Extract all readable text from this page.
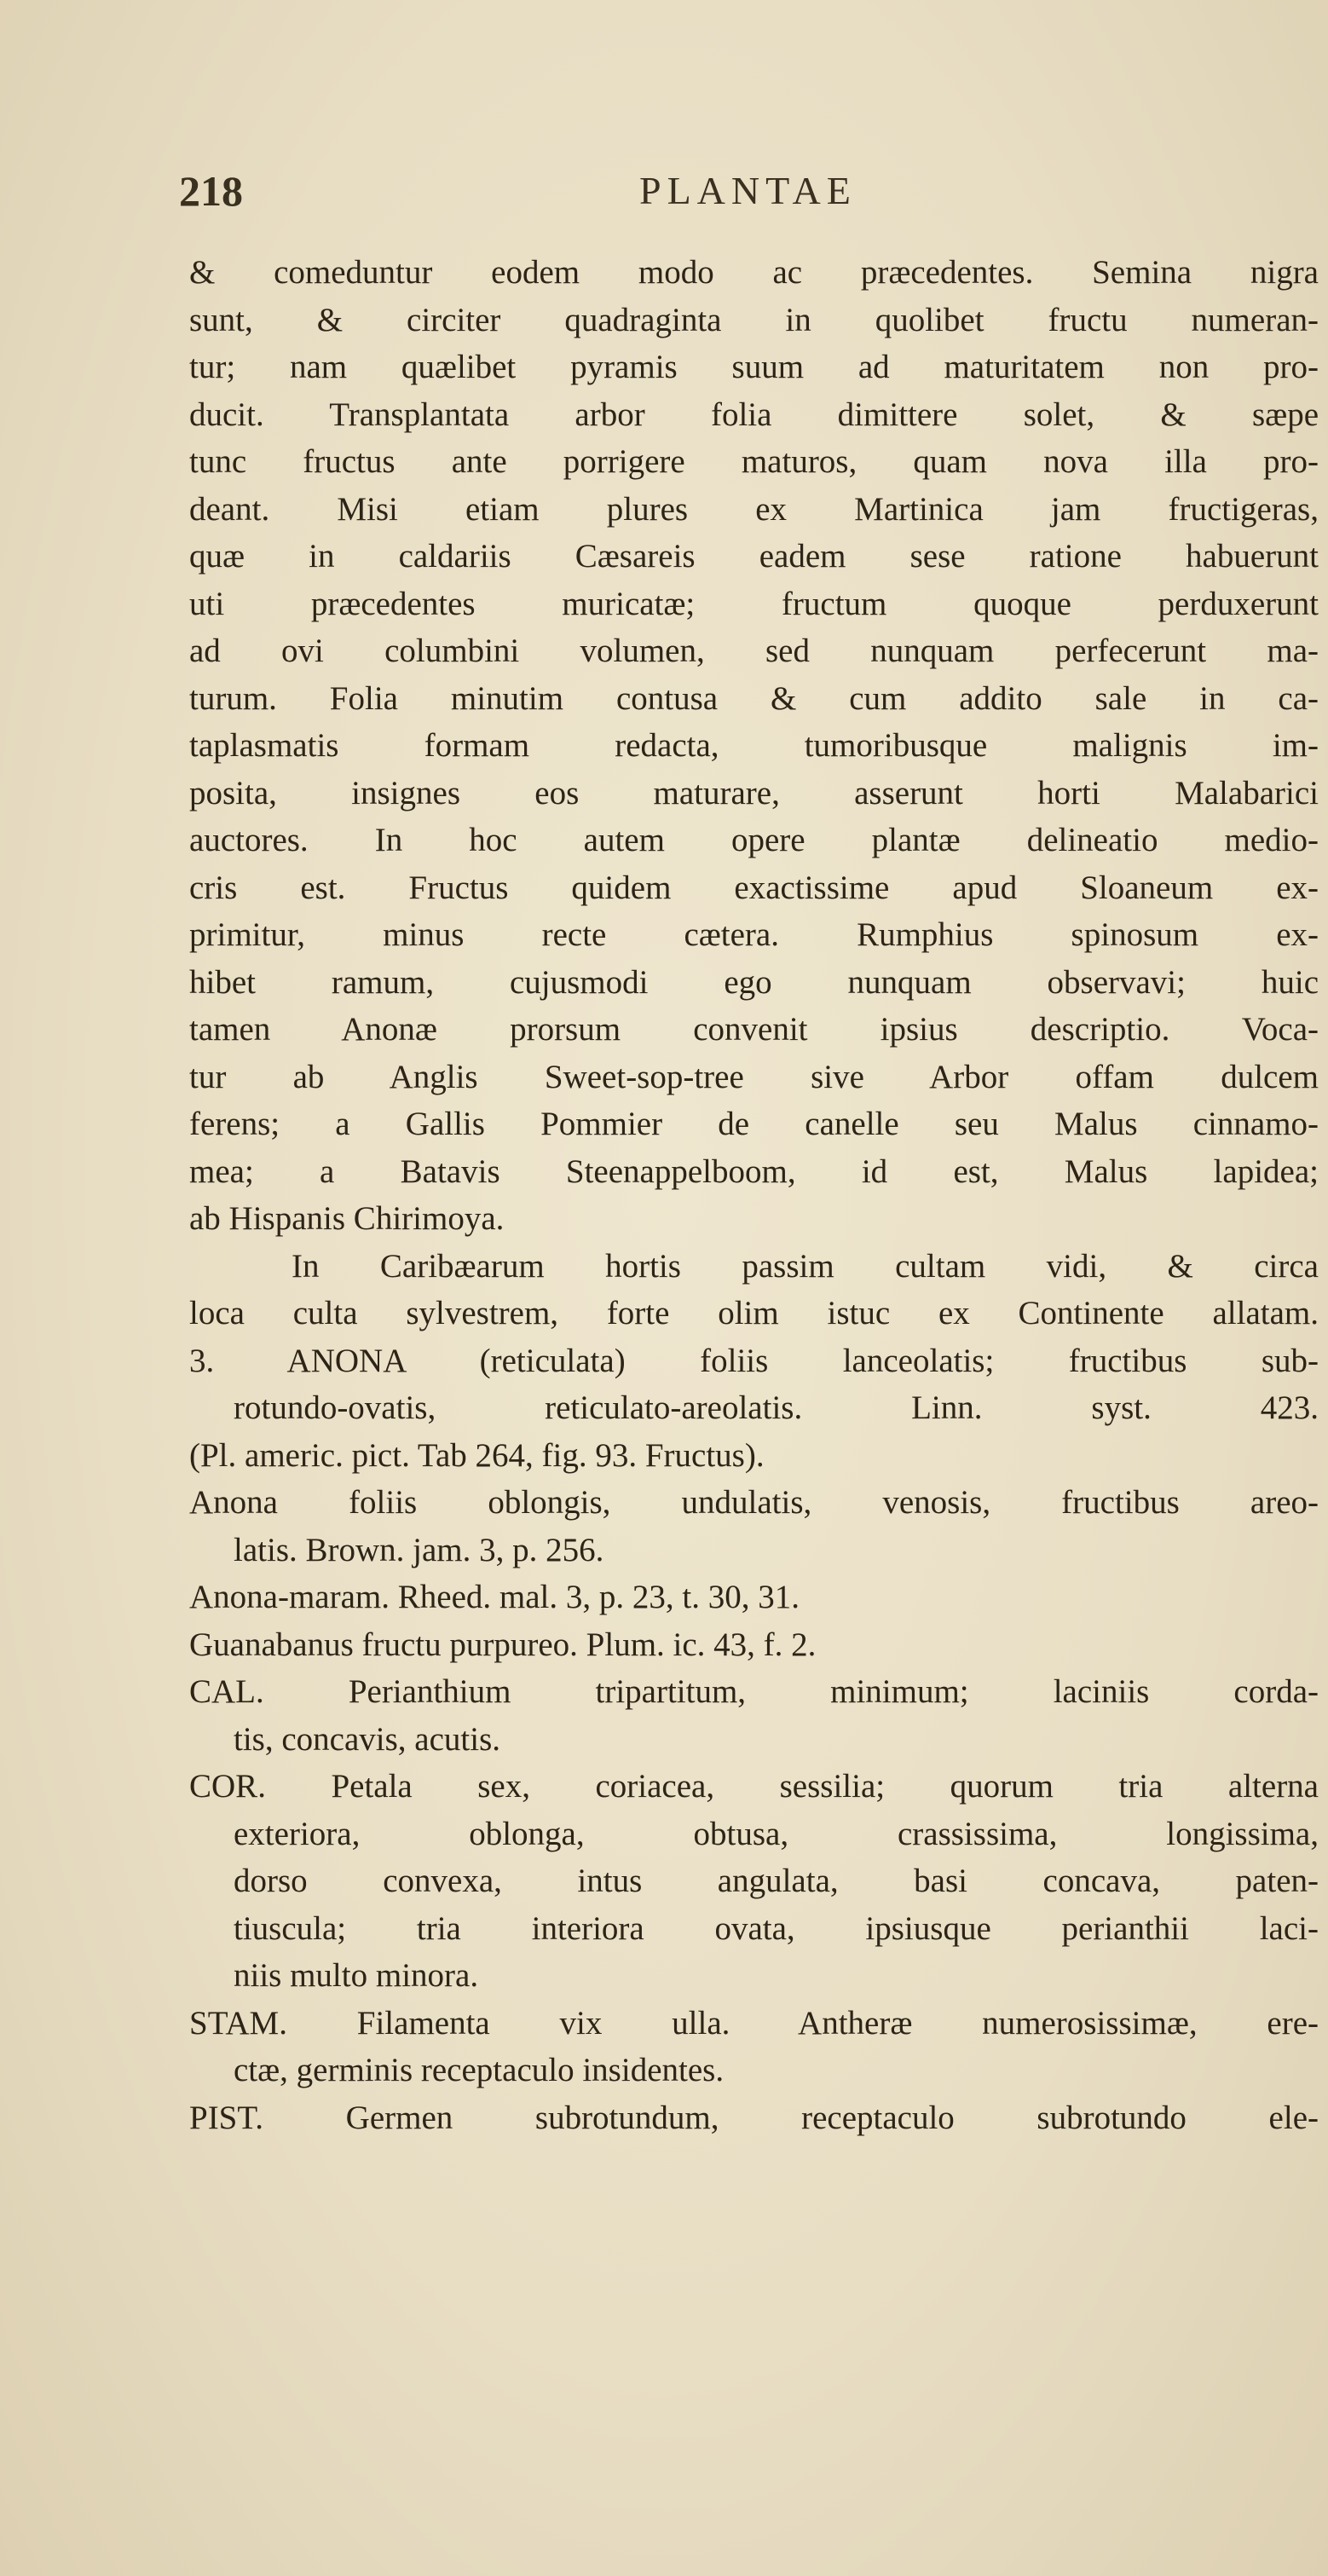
218	PLANTAE
& comeduntur eodem modo ac præcedentes. Semina nigra
sunt, & circiter quadraginta in quolibet fructu numeran-
tur; nam quælibet pyramis suum ad maturitatem non pro-
ducit. Transplantata arbor folia dimittere solet, & sæpe
tunc fructus ante porrigere maturos, quam nova illa pro-
deant. Misi etiam plures ex Martinica jam fructigeras,
quæ in caldariis Cæsareis eadem sese ratione habuerunt
uti præcedentes muricatæ; fructum quoque perduxerunt
ad ovi columbini volumen, sed nunquam perfecerunt ma-
turum. Folia minutim contusa & cum addito sale in ca-
taplasmatis formam redacta, tumoribusque malignis im-
posita, insignes eos maturare, asserunt horti Malabarici
auctores. In hoc autem opere plantæ delineatio medio-
cris est. Fructus quidem exactissime apud Sloaneum ex-
primitur, minus recte cætera. Rumphius spinosum ex-
hibet ramum, cujusmodi ego nunquam observavi; huic
tamen Anonæ prorsum convenit ipsius descriptio. Voca-
tur ab Anglis Sweet-sop-tree sive Arbor offam dulcem
ferens; a Gallis Pommier de canelle seu Malus cinnamo-
mea; a Batavis Steenappelboom, id est, Malus lapidea;
ab Hispanis Chirimoya.
In Caribæarum hortis passim cultam vidi, & circa
loca culta sylvestrem, forte olim istuc ex Continente allatam.
3. ANONA (reticulata) foliis lanceolatis; fructibus sub-
rotundo-ovatis, reticulato-areolatis. Linn. syst. 423.
(Pl. americ. pict. Tab 264, fig. 93. Fructus).
Anona foliis oblongis, undulatis, venosis, fructibus areo-
latis. Brown. jam. 3, p. 256.
Anona-maram. Rheed. mal. 3, p. 23, t. 30, 31.
Guanabanus fructu purpureo. Plum. ic. 43, f. 2.
CAL. Perianthium tripartitum, minimum; laciniis corda-
tis, concavis, acutis.
COR. Petala sex, coriacea, sessilia; quorum tria alterna
exteriora, oblonga, obtusa, crassissima, longissima,
dorso convexa, intus angulata, basi concava, paten-
tiuscula; tria interiora ovata, ipsiusque perianthii laci-
niis multo minora.
STAM. Filamenta vix ulla. Antheræ numerosissimæ, ere-
ctæ, germinis receptaculo insidentes.
PIST. Germen subrotundum, receptaculo subrotundo ele-
